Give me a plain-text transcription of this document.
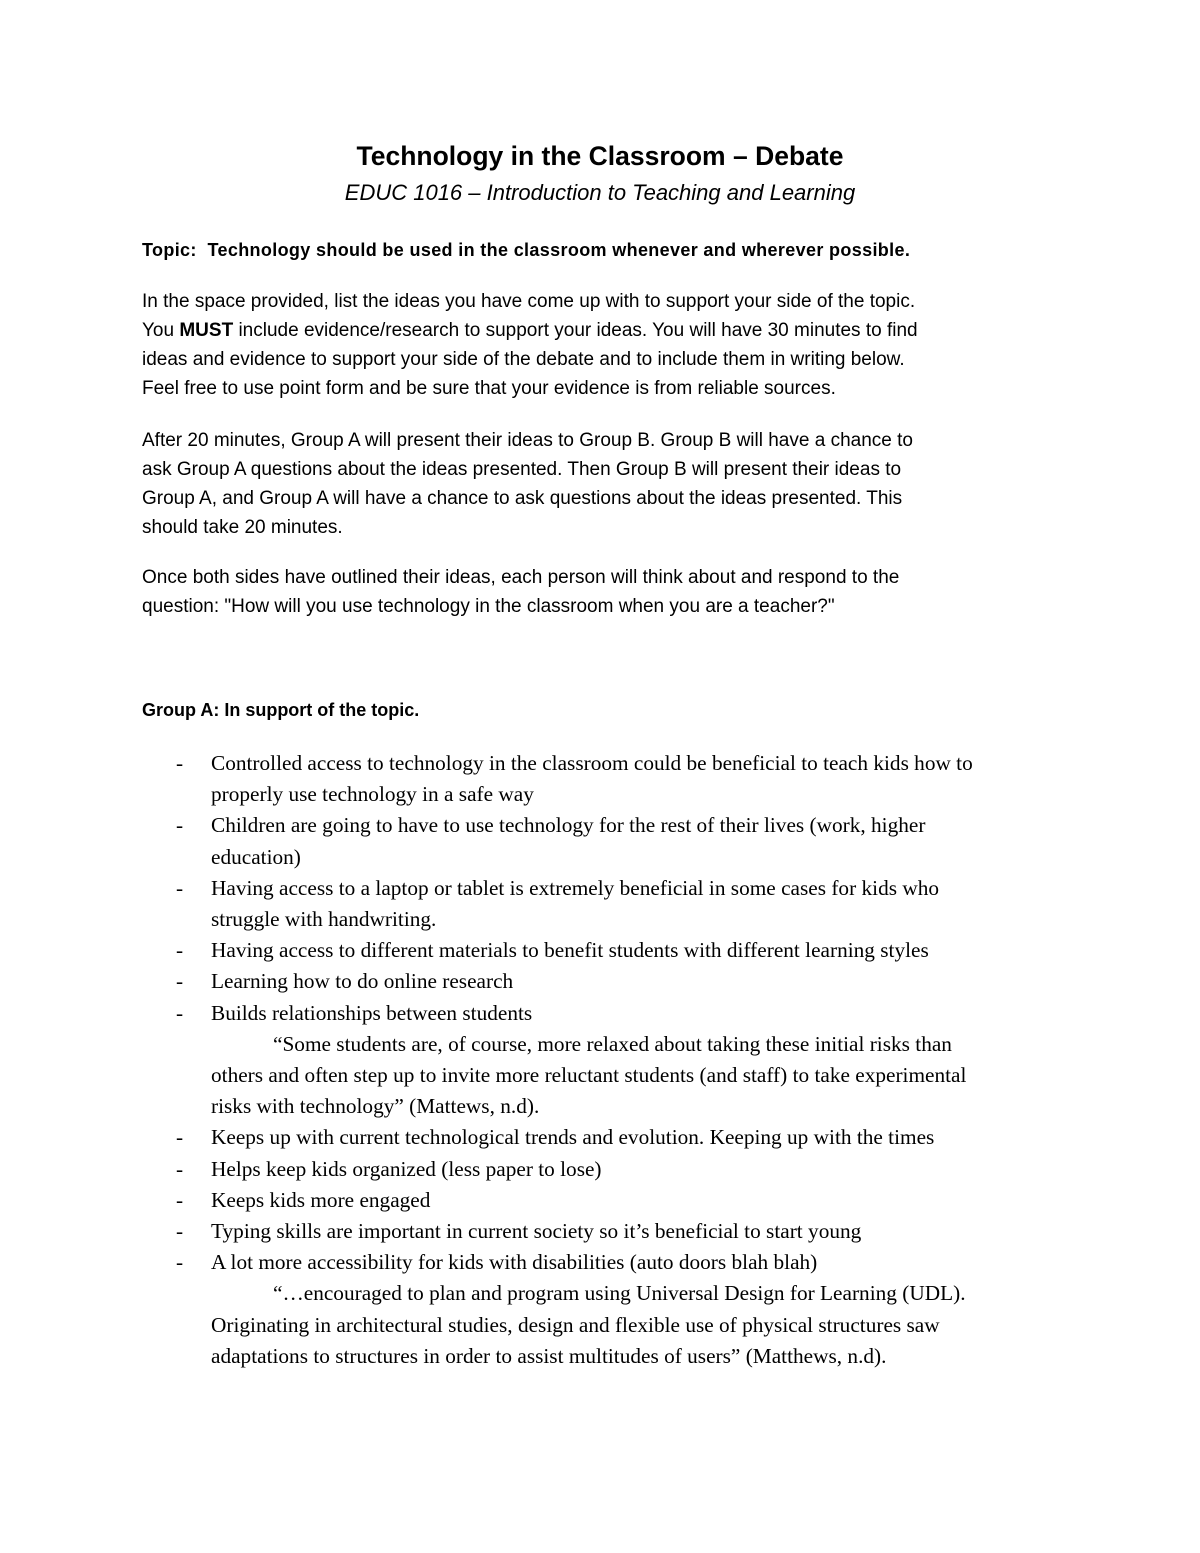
Technology in the Classroom – Debate
EDUC 1016 – Introduction to Teaching and Learning
Topic: Technology should be used in the classroom whenever and wherever possible.
In the space provided, list the ideas you have come up with to support your side of the topic.
You MUST include evidence/research to support your ideas. You will have 30 minutes to find
ideas and evidence to support your side of the debate and to include them in writing below.
Feel free to use point form and be sure that your evidence is from reliable sources.
After 20 minutes, Group A will present their ideas to Group B. Group B will have a chance to
ask Group A questions about the ideas presented. Then Group B will present their ideas to
Group A, and Group A will have a chance to ask questions about the ideas presented. This
should take 20 minutes.
Once both sides have outlined their ideas, each person will think about and respond to the
question: "How will you use technology in the classroom when you are a teacher?"
Group A: In support of the topic.
- Controlled access to technology in the classroom could be beneficial to teach kids how to
properly use technology in a safe way
- Children are going to have to use technology for the rest of their lives (work, higher
education)
- Having access to a laptop or tablet is extremely beneficial in some cases for kids who
struggle with handwriting.
- Having access to different materials to benefit students with different learning styles
- Learning how to do online research
- Builds relationships between students
“Some students are, of course, more relaxed about taking these initial risks than
others and often step up to invite more reluctant students (and staff) to take experimental
risks with technology” (Mattews, n.d).
- Keeps up with current technological trends and evolution. Keeping up with the times
- Helps keep kids organized (less paper to lose)
- Keeps kids more engaged
- Typing skills are important in current society so it’s beneficial to start young
- A lot more accessibility for kids with disabilities (auto doors blah blah)
“…encouraged to plan and program using Universal Design for Learning (UDL).
Originating in architectural studies, design and flexible use of physical structures saw
adaptations to structures in order to assist multitudes of users” (Matthews, n.d).
